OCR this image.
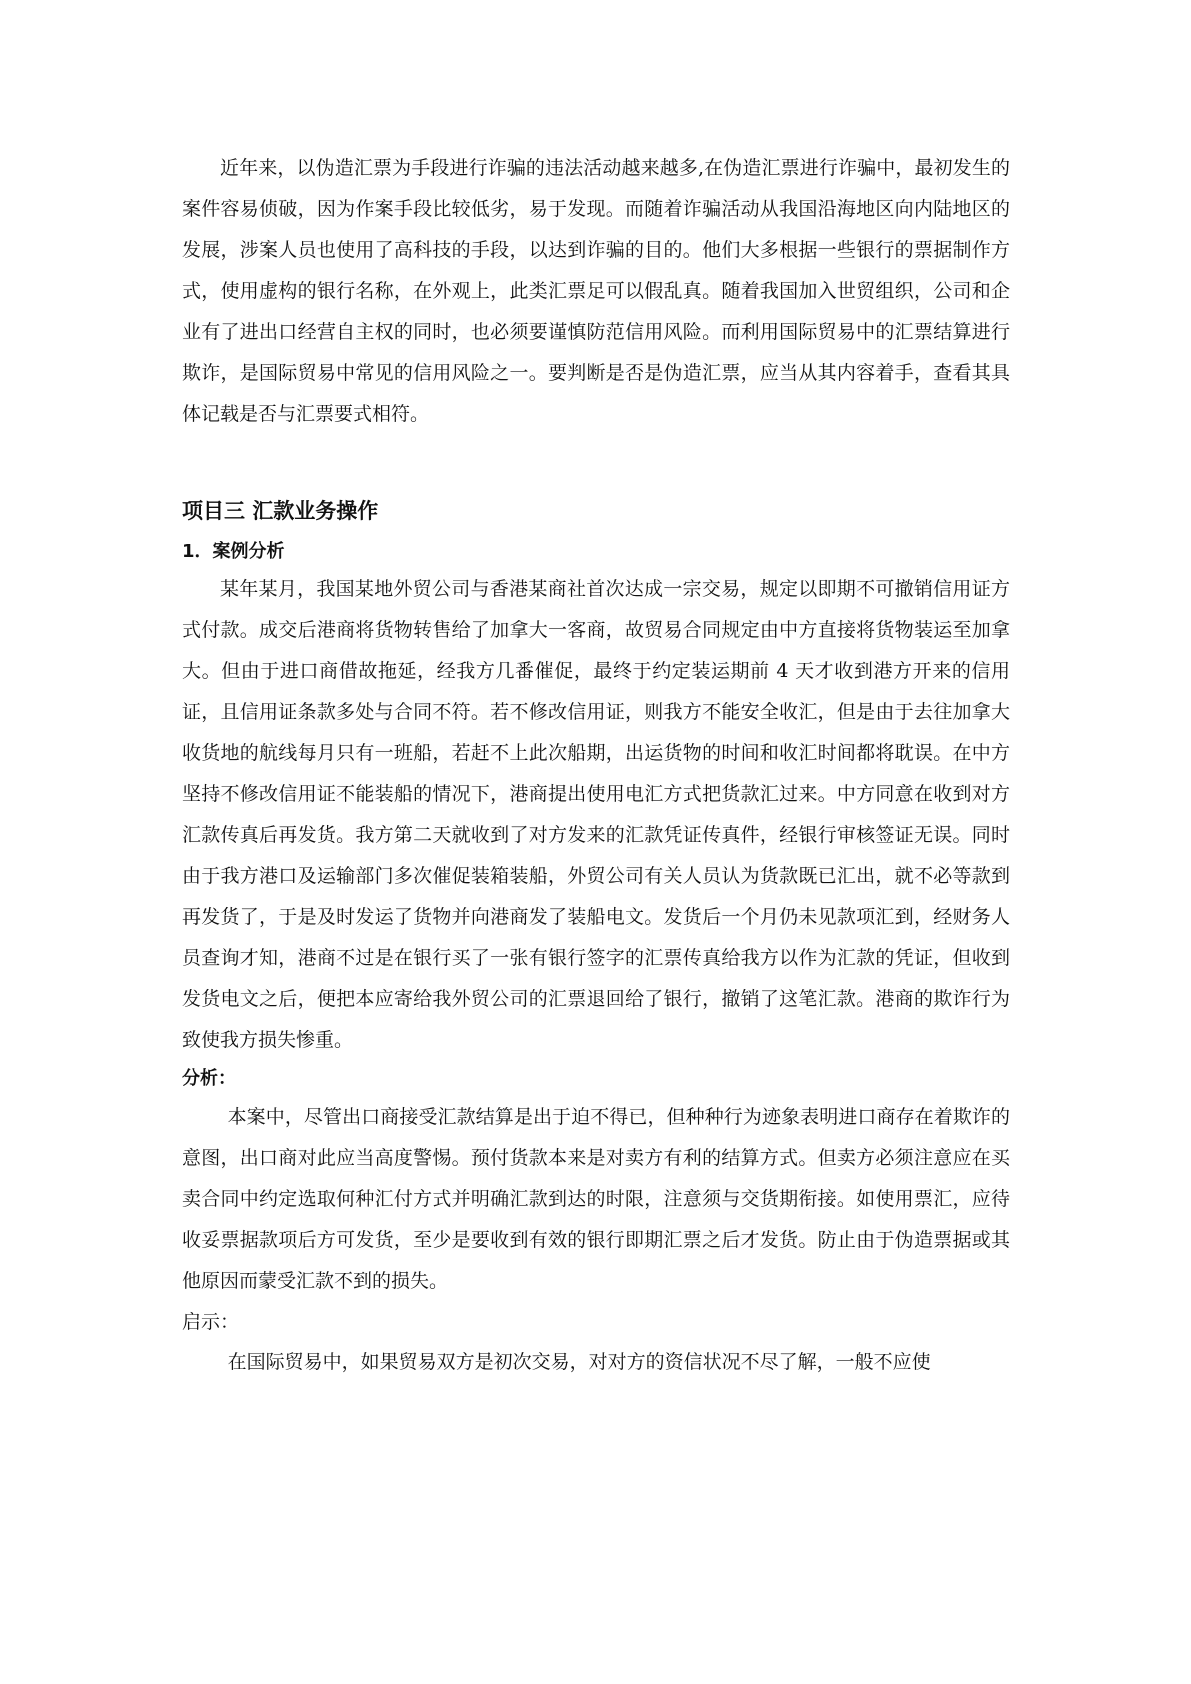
近年来，以伪造汇票为手段进行诈骗的违法活动越来越多,在伪造汇票进行诈骗中，最初发生的案件容易侦破，因为作案手段比较低劣，易于发现。而随着诈骗活动从我国沿海地区向内陆地区的发展，涉案人员也使用了高科技的手段，以达到诈骗的目的。他们大多根据一些银行的票据制作方式，使用虚构的银行名称，在外观上，此类汇票足可以假乱真。随着我国加入世贸组织，公司和企业有了进出口经营自主权的同时，也必须要谨慎防范信用风险。而利用国际贸易中的汇票结算进行欺诈，是国际贸易中常见的信用风险之一。要判断是否是伪造汇票，应当从其内容着手，查看其具体记载是否与汇票要式相符。

项目三 汇款业务操作
1．案例分析

某年某月，我国某地外贸公司与香港某商社首次达成一宗交易，规定以即期不可撤销信用证方式付款。成交后港商将货物转售给了加拿大一客商，故贸易合同规定由中方直接将货物装运至加拿大。但由于进口商借故拖延，经我方几番催促，最终于约定装运期前 4 天才收到港方开来的信用证，且信用证条款多处与合同不符。若不修改信用证，则我方不能安全收汇，但是由于去往加拿大收货地的航线每月只有一班船，若赶不上此次船期，出运货物的时间和收汇时间都将耽误。在中方坚持不修改信用证不能装船的情况下，港商提出使用电汇方式把货款汇过来。中方同意在收到对方汇款传真后再发货。我方第二天就收到了对方发来的汇款凭证传真件，经银行审核签证无误。同时由于我方港口及运输部门多次催促装箱装船，外贸公司有关人员认为货款既已汇出，就不必等款到再发货了，于是及时发运了货物并向港商发了装船电文。发货后一个月仍未见款项汇到，经财务人员查询才知，港商不过是在银行买了一张有银行签字的汇票传真给我方以作为汇款的凭证，但收到发货电文之后，便把本应寄给我外贸公司的汇票退回给了银行，撤销了这笔汇款。港商的欺诈行为致使我方损失惨重。

分析：

本案中，尽管出口商接受汇款结算是出于迫不得已，但种种行为迹象表明进口商存在着欺诈的意图，出口商对此应当高度警惕。预付货款本来是对卖方有利的结算方式。但卖方必须注意应在买卖合同中约定选取何种汇付方式并明确汇款到达的时限，注意须与交货期衔接。如使用票汇，应待收妥票据款项后方可发货，至少是要收到有效的银行即期汇票之后才发货。防止由于伪造票据或其他原因而蒙受汇款不到的损失。

启示：

在国际贸易中，如果贸易双方是初次交易，对对方的资信状况不尽了解，一般不应使
